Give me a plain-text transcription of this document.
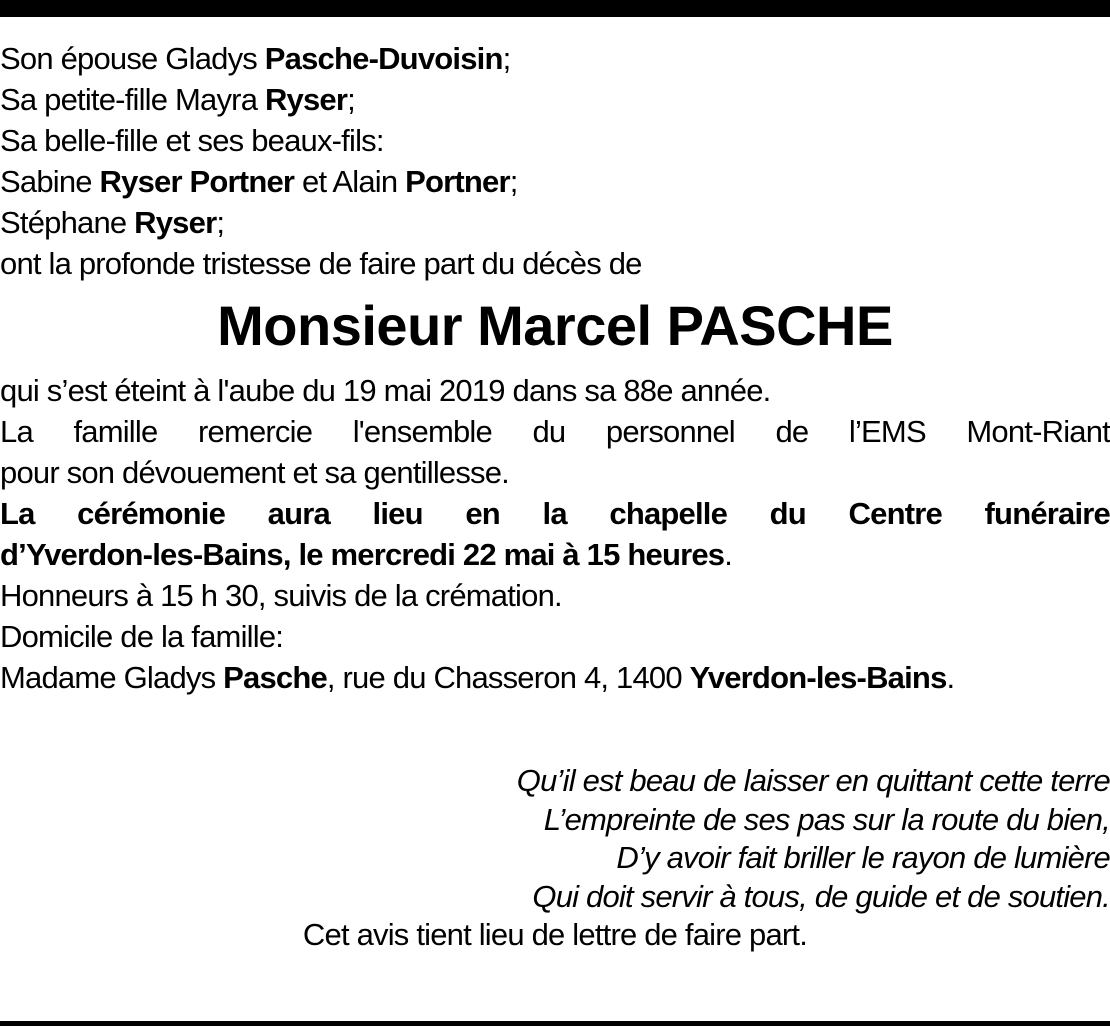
Son épouse Gladys Pasche-Duvoisin;
Sa petite-fille Mayra Ryser;
Sa belle-fille et ses beaux-fils:
Sabine Ryser Portner et Alain Portner;
Stéphane Ryser;
ont la profonde tristesse de faire part du décès de
Monsieur Marcel PASCHE
qui s’est éteint à l'aube du 19 mai 2019 dans sa 88e année.
La famille remercie l'ensemble du personnel de l’EMS Mont-Riant
pour son dévouement et sa gentillesse.
La cérémonie aura lieu en la chapelle du Centre funéraire
d’Yverdon-les-Bains, le mercredi 22 mai à 15 heures.
Honneurs à 15 h 30, suivis de la crémation.
Domicile de la famille:
Madame Gladys Pasche, rue du Chasseron 4, 1400 Yverdon-les-Bains.
Qu’il est beau de laisser en quittant cette terre
L’empreinte de ses pas sur la route du bien,
D’y avoir fait briller le rayon de lumière
Qui doit servir à tous, de guide et de soutien.
Cet avis tient lieu de lettre de faire part.
